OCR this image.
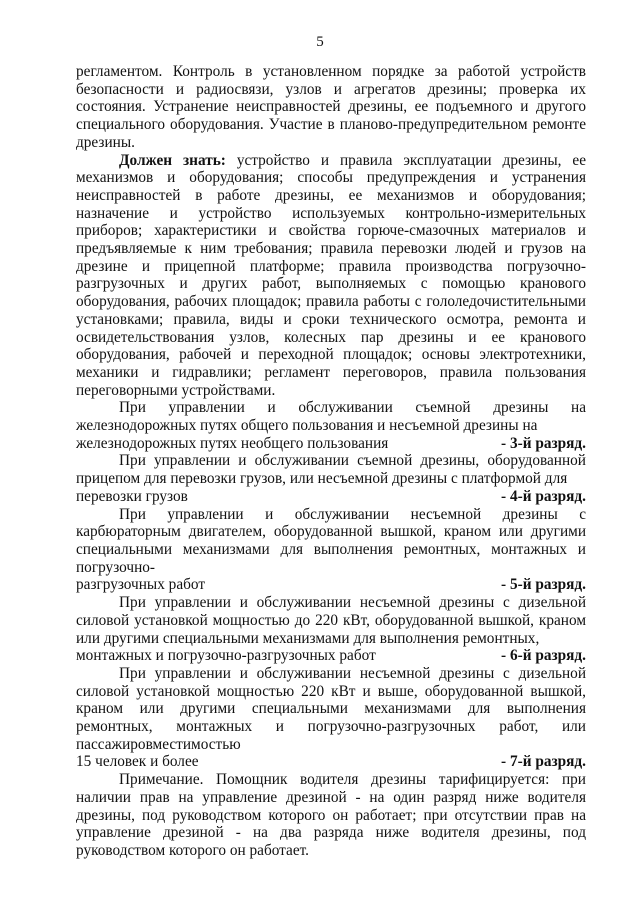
5

регламентом. Контроль в установленном порядке за работой устройств безопасности и радиосвязи, узлов и агрегатов дрезины; проверка их состояния. Устранение неисправностей дрезины, ее подъемного и другого специального оборудования. Участие в планово-предупредительном ремонте дрезины.

Должен знать: устройство и правила эксплуатации дрезины, ее механизмов и оборудования; способы предупреждения и устранения неисправностей в работе дрезины, ее механизмов и оборудования; назначение и устройство используемых контрольно-измерительных приборов; характеристики и свойства горюче-смазочных материалов и предъявляемые к ним требования; правила перевозки людей и грузов на дрезине и прицепной платформе; правила производства погрузочно-разгрузочных и других работ, выполняемых с помощью кранового оборудования, рабочих площадок; правила работы с гололедочистительными установками; правила, виды и сроки технического осмотра, ремонта и освидетельствования узлов, колесных пар дрезины и ее кранового оборудования, рабочей и переходной площадок; основы электротехники, механики и гидравлики; регламент переговоров, правила пользования переговорными устройствами.

При управлении и обслуживании съемной дрезины на железнодорожных путях общего пользования и несъемной дрезины на
железнодорожных путях необщего пользования	- 3-й разряд.
При управлении и обслуживании съемной дрезины, оборудованной прицепом для перевозки грузов, или несъемной дрезины с платформой для
перевозки грузов	- 4-й разряд.
При управлении и обслуживании несъемной дрезины с карбюраторным двигателем, оборудованной вышкой, краном или другими специальными механизмами для выполнения ремонтных, монтажных и погрузочно-
разгрузочных работ	- 5-й разряд.
При управлении и обслуживании несъемной дрезины с дизельной силовой установкой мощностью до 220 кВт, оборудованной вышкой, краном или другими специальными механизмами для выполнения ремонтных,
монтажных и погрузочно-разгрузочных работ	- 6-й разряд.
При управлении и обслуживании несъемной дрезины с дизельной силовой установкой мощностью 220 кВт и выше, оборудованной вышкой, краном или другими специальными механизмами для выполнения ремонтных, монтажных и погрузочно-разгрузочных работ, или пассажировместимостью
15 человек и более	- 7-й разряд.

Примечание. Помощник водителя дрезины тарифицируется: при наличии прав на управление дрезиной - на один разряд ниже водителя дрезины, под руководством которого он работает; при отсутствии прав на управление дрезиной - на два разряда ниже водителя дрезины, под руководством которого он работает.
